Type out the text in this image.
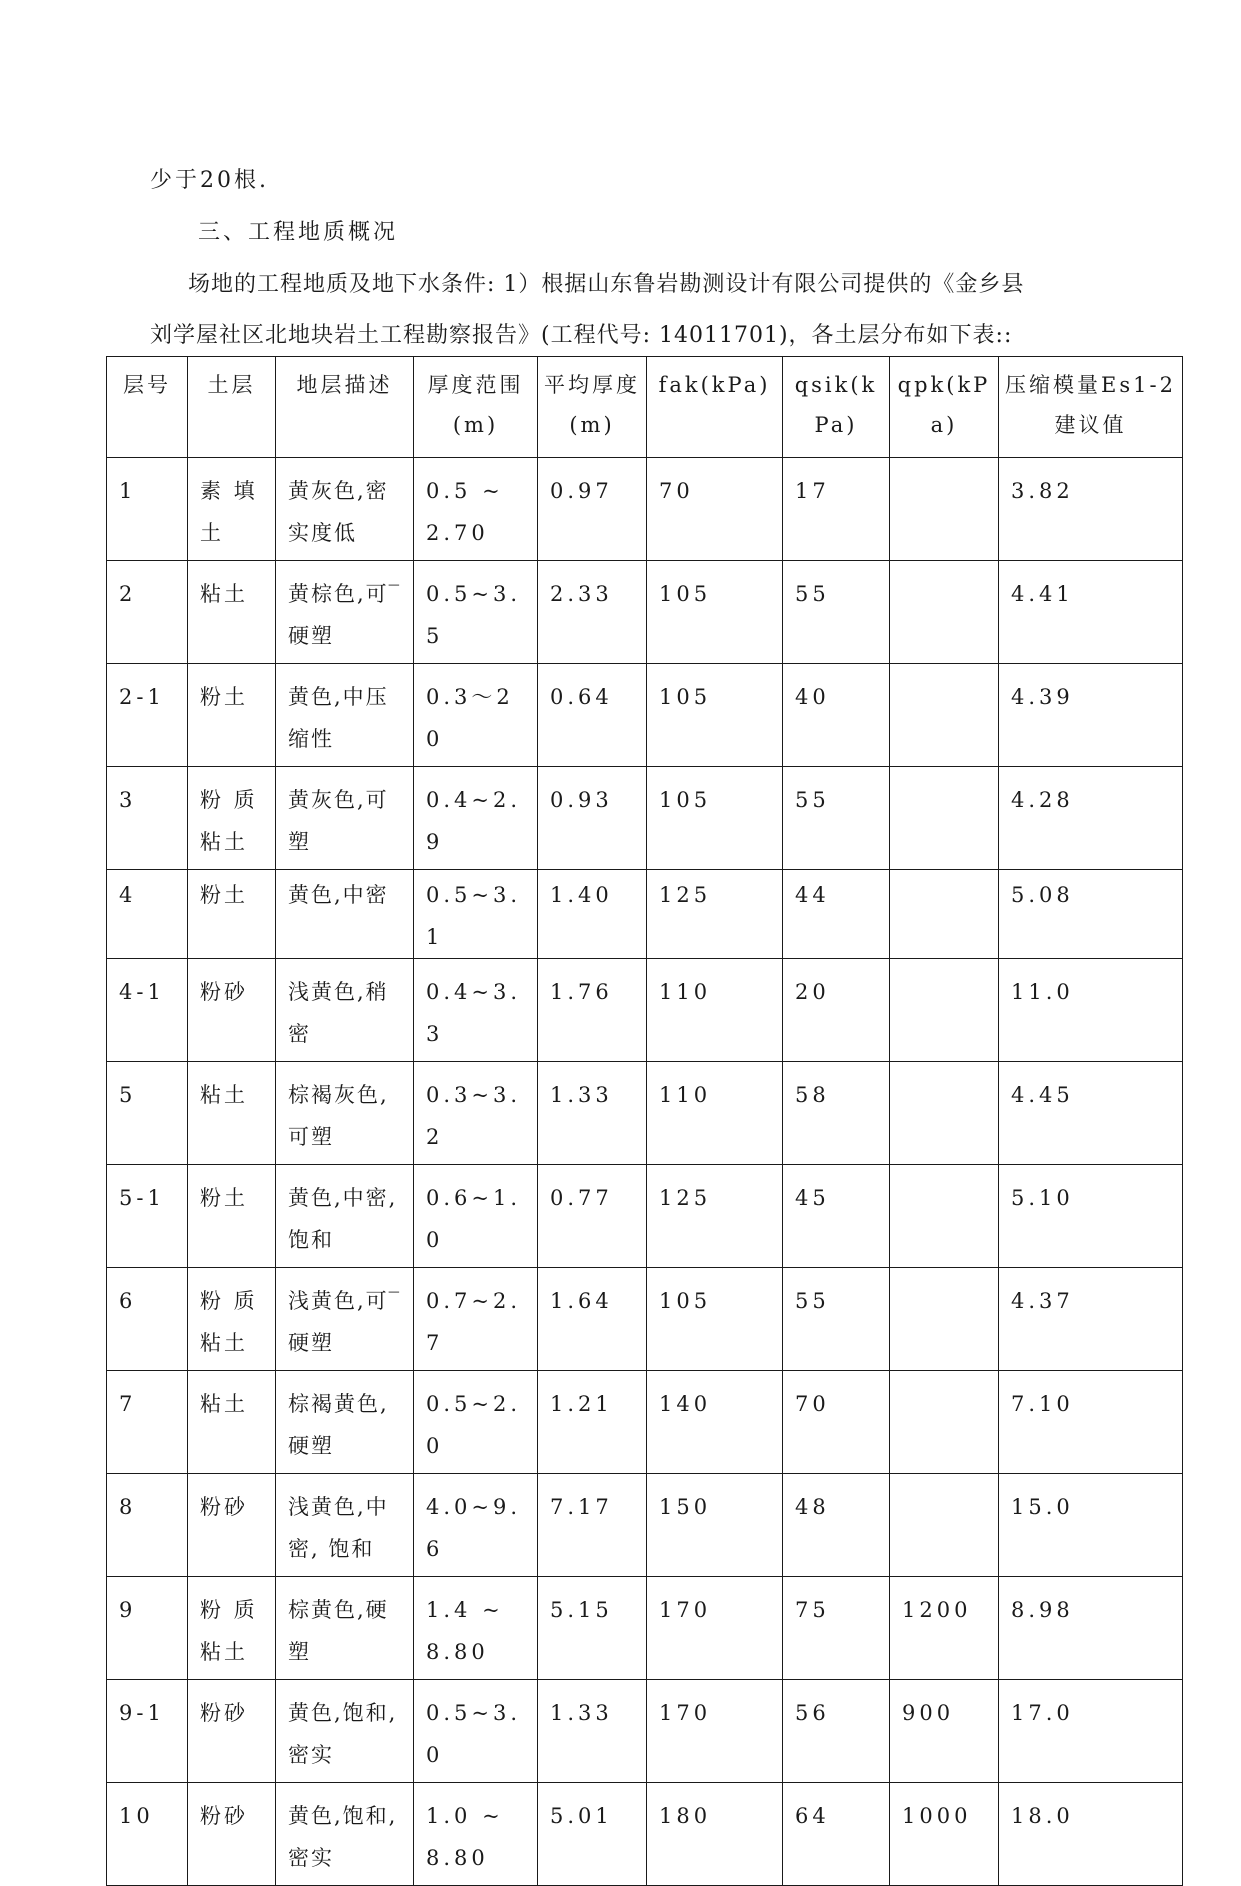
少于20根.
三、工程地质概况
场地的工程地质及地下水条件: 1）根据山东鲁岩勘测设计有限公司提供的《金乡县
刘学屋社区北地块岩土工程勘察报告》(工程代号: 14011701)，各土层分布如下表::
层号	土层	地层描述	厚度范围(m)	平均厚度(m)	fak(kPa)	qsik(kPa)	qpk(kPa)	压缩模量Es1-2建议值
1	素 填土	黄灰色,密实度低	0.5 ~2.70	0.97	70	17		3.82
2	粘土	黄棕色,可‾硬塑	0.5~3.5	2.33	105	55		4.41
2-1	粉土	黄色,中压缩性	0.3～20	0.64	105	40		4.39
3	粉 质粘土	黄灰色,可塑	0.4~2.9	0.93	105	55		4.28
4	粉土	黄色,中密	0.5~3.1	1.40	125	44		5.08
4-1	粉砂	浅黄色,稍密	0.4~3.3	1.76	110	20		11.0
5	粘土	棕褐灰色,可塑	0.3~3.2	1.33	110	58		4.45
5-1	粉土	黄色,中密,饱和	0.6~1.0	0.77	125	45		5.10
6	粉 质粘土	浅黄色,可‾硬塑	0.7~2.7	1.64	105	55		4.37
7	粘土	棕褐黄色,硬塑	0.5~2.0	1.21	140	70		7.10
8	粉砂	浅黄色,中密, 饱和	4.0~9.6	7.17	150	48		15.0
9	粉 质粘土	棕黄色,硬塑	1.4 ~8.80	5.15	170	75	1200	8.98
9-1	粉砂	黄色,饱和,密实	0.5~3.0	1.33	170	56	900	17.0
10	粉砂	黄色,饱和,密实	1.0 ~8.80	5.01	180	64	1000	18.0
